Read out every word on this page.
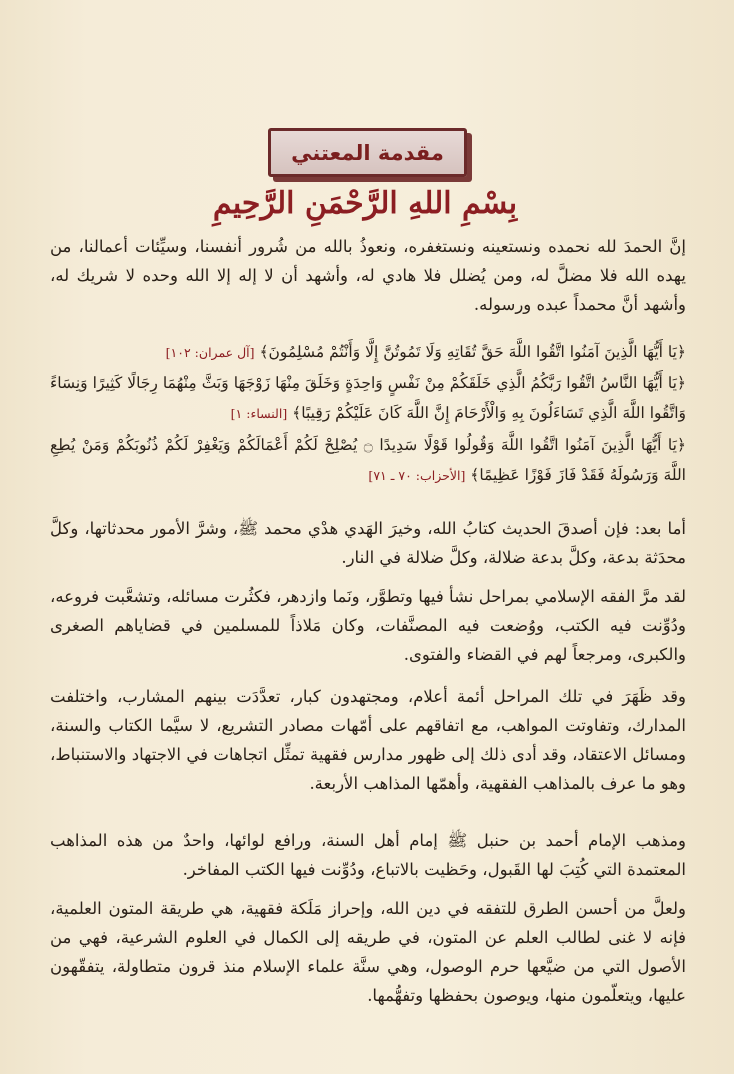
مقدمة المعتني
بِسْمِ اللهِ الرَّحْمَنِ الرَّحِيمِ
إنَّ الحمدَ لله نحمده ونستعينه ونستغفره، ونعوذُ بالله من شُرور أنفسنا، وسيِّئات أعمالنا، من يهده الله فلا مضلَّ له، ومن يُضلل فلا هادي له، وأشهد أن لا إله إلا الله وحده لا شريك له، وأشهد أنَّ محمداً عبده ورسوله.
﴿يَا أَيُّهَا الَّذِينَ آمَنُوا اتَّقُوا اللَّهَ حَقَّ تُقَاتِهِ وَلَا تَمُوتُنَّ إِلَّا وَأَنْتُمْ مُسْلِمُونَ﴾ [آل عمران: ١٠٢]
﴿يَا أَيُّهَا النَّاسُ اتَّقُوا رَبَّكُمُ الَّذِي خَلَقَكُمْ مِنْ نَفْسٍ وَاحِدَةٍ وَخَلَقَ مِنْهَا زَوْجَهَا وَبَثَّ مِنْهُمَا رِجَالًا كَثِيرًا وَنِسَاءً وَاتَّقُوا اللَّهَ الَّذِي تَسَاءَلُونَ بِهِ وَالْأَرْحَامَ إِنَّ اللَّهَ كَانَ عَلَيْكُمْ رَقِيبًا﴾ [النساء: ١]
﴿يَا أَيُّهَا الَّذِينَ آمَنُوا اتَّقُوا اللَّهَ وَقُولُوا قَوْلًا سَدِيدًا ۝ يُصْلِحْ لَكُمْ أَعْمَالَكُمْ وَيَغْفِرْ لَكُمْ ذُنُوبَكُمْ وَمَنْ يُطِعِ اللَّهَ وَرَسُولَهُ فَقَدْ فَازَ فَوْزًا عَظِيمًا﴾ [الأحزاب: ٧٠ ـ ٧١]
أما بعد: فإن أصدقَ الحديث كتابُ الله، وخيرَ الهَدي هدْي محمد ﷺ، وشرَّ الأمور محدثاتها، وكلَّ محدَثة بدعة، وكلَّ بدعة ضلالة، وكلَّ ضلالة في النار.
لقد مرَّ الفقه الإسلامي بمراحل نشأ فيها وتطوَّر، ونَما وازدهر، فكثُرت مسائله، وتشعَّبت فروعه، ودُوِّنت فيه الكتب، ووُضعت فيه المصنَّفات، وكان مَلاذاً للمسلمين في قضاياهم الصغرى والكبرى، ومرجعاً لهم في القضاء والفتوى.
وقد ظَهَرَ في تلك المراحل أئمة أعلام، ومجتهدون كبار، تعدَّدَت بينهم المشارب، واختلفت المدارك، وتفاوتت المواهب، مع اتفاقهم على أمّهات مصادر التشريع، لا سيَّما الكتاب والسنة، ومسائل الاعتقاد، وقد أدى ذلك إلى ظهور مدارس فقهية تمثِّل اتجاهات في الاجتهاد والاستنباط، وهو ما عرف بالمذاهب الفقهية، وأهمّها المذاهب الأربعة.
ومذهب الإمام أحمد بن حنبل ﷺ إمام أهل السنة، ورافع لوائها، واحدٌ من هذه المذاهب المعتمدة التي كُتِبَ لها القَبول، وحَظيت بالاتباع، ودُوِّنت فيها الكتب المفاخر.
ولعلَّ من أحسن الطرق للتفقه في دين الله، وإحراز مَلَكة فقهية، هي طريقة المتون العلمية، فإنه لا غنى لطالب العلم عن المتون، في طريقه إلى الكمال في العلوم الشرعية، فهي من الأصول التي من ضيَّعها حرم الوصول، وهي سنَّة علماء الإسلام منذ قرون متطاولة، يتفقّهون عليها، ويتعلّمون منها، ويوصون بحفظها وتفهُّمها.
